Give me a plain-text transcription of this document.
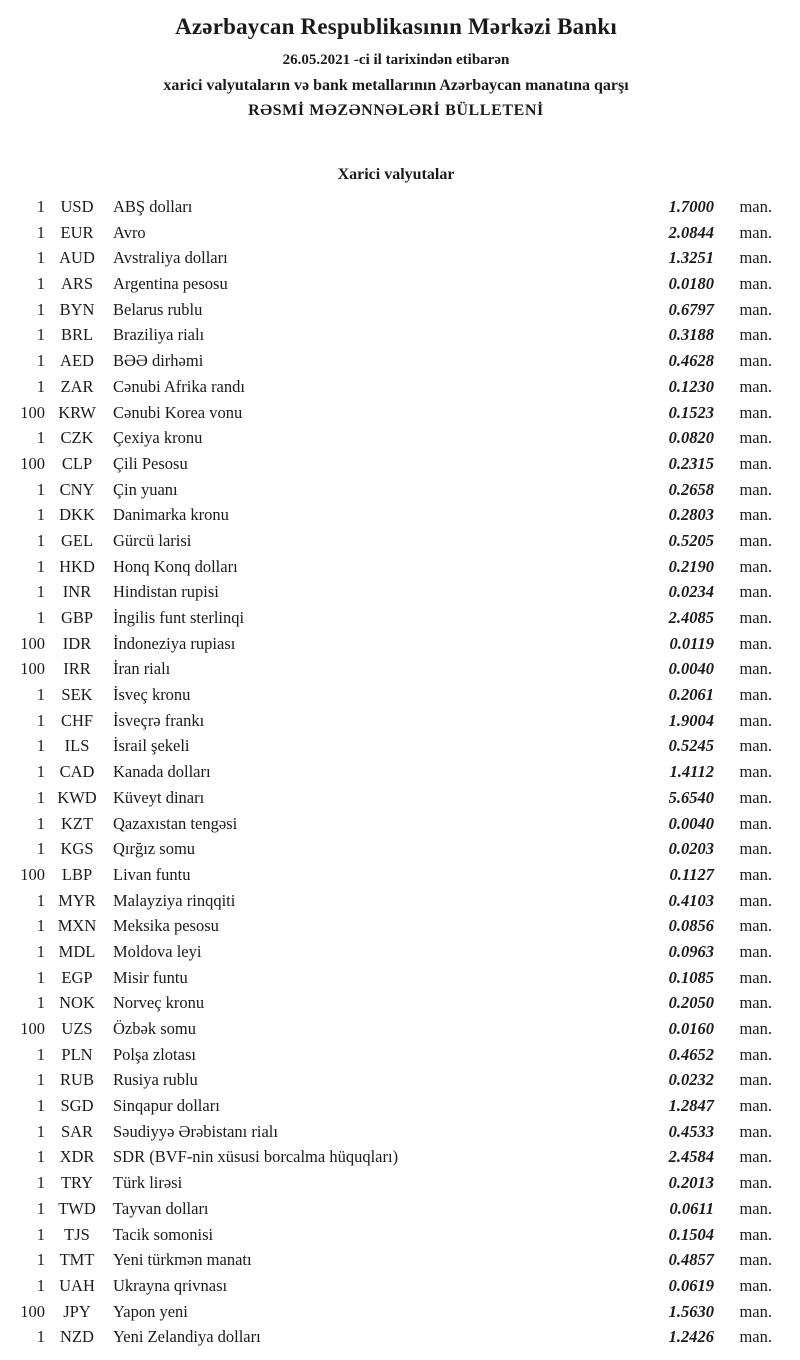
Azərbaycan Respublikasının Mərkəzi Bankı
26.05.2021 -ci il tarixindən etibarən
xarici valyutaların və bank metallarının Azərbaycan manatına qarşı
RƏSMİ MƏZƏNNƏLƏRİ BÜLLETENİ
Xarici valyutalar
1 USD	ABŞ dolları	1.7000	man.
1 EUR	Avro	2.0844	man.
1 AUD	Avstraliya dolları	1.3251	man.
1 ARS	Argentina pesosu	0.0180	man.
1 BYN	Belarus rublu	0.6797	man.
1 BRL	Braziliya rialı	0.3188	man.
1 AED	BƏƏ dirhəmi	0.4628	man.
1 ZAR	Cənubi Afrika randı	0.1230	man.
100 KRW	Cənubi Korea vonu	0.1523	man.
1 CZK	Çexiya kronu	0.0820	man.
100	CLP	Çili Pesosu	0.2315	man.
1 CNY	Çin yuanı	0.2658	man.
1 DKK	Danimarka kronu	0.2803	man.
1 GEL	Gürcü larisi	0.5205	man.
1 HKD	Honq Konq dolları	0.2190	man.
1	INR	Hindistan rupisi	0.0234	man.
1 GBP	İngilis funt sterlinqi	2.4085	man.
100	IDR	İndoneziya rupiası	0.0119	man.
100	IRR	İran rialı	0.0040	man.
1 SEK	İsveç kronu	0.2061	man.
1 CHF	İsveçrə frankı	1.9004	man.
1	ILS	İsrail şekeli	0.5245	man.
1 CAD	Kanada dolları	1.4112	man.
1 KWD Küveyt dinarı	5.6540	man.
1 KZT	Qazaxıstan tengəsi	0.0040	man.
1 KGS	Qırğız somu	0.0203	man.
100	LBP	Livan funtu	0.1127	man.
1 MYR	Malayziya rinqqiti	0.4103	man.
1 MXN	Meksika pesosu	0.0856	man.
1 MDL	Moldova leyi	0.0963	man.
1 EGP	Misir funtu	0.1085	man.
1 NOK	Norveç kronu	0.2050	man.
100 UZS	Özbək somu	0.0160	man.
1 PLN	Polşa zlotası	0.4652	man.
1 RUB	Rusiya rublu	0.0232	man.
1 SGD	Sinqapur dolları	1.2847	man.
1 SAR	Səudiyyə Ərəbistanı rialı	0.4533	man.
1 XDR	SDR (BVF-nin xüsusi borcalma hüquqları)	2.4584	man.
1 TRY	Türk lirəsi	0.2013	man.
1 TWD	Tayvan dolları	0.0611	man.
1	TJS	Tacik somonisi	0.1504	man.
1 TMT	Yeni türkmən manatı	0.4857	man.
1 UAH	Ukrayna qrivnası	0.0619	man.
100	JPY	Yapon yeni	1.5630	man.
1 NZD	Yeni Zelandiya dolları	1.2426	man.
